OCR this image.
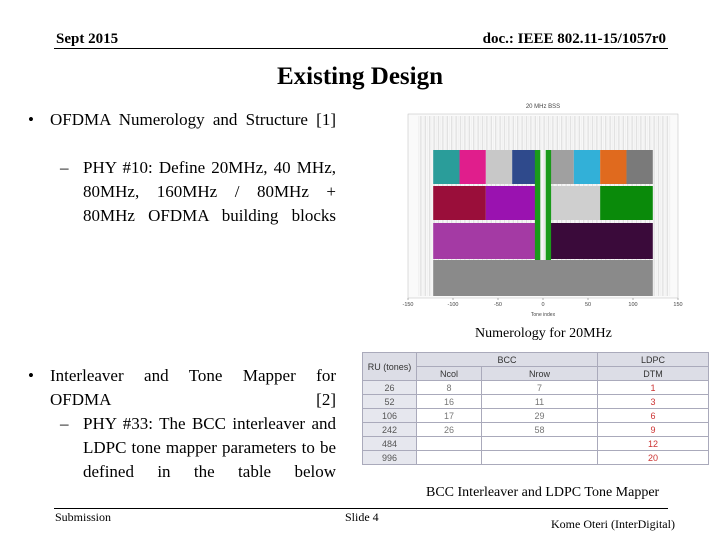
Sept 2015	doc.: IEEE 802.11-15/1057r0
Existing Design
• OFDMA Numerology and Structure [1]
– PHY #10: Define 20MHz, 40 MHz, 80MHz, 160MHz / 80MHz + 80MHz OFDMA building blocks
20 MHz BSS
-150	-100	-50	0	50	100	150
Tone index
Numerology for 20MHz
• Interleaver and Tone Mapper for OFDMA [2]
– PHY #33: The BCC interleaver and LDPC tone mapper parameters to be defined in the table below
RU (tones)	BCC		LDPC
	Ncol	Nrow	DTM
26	8	7	1
52	16	11	3
106	17	29	6
242	26	58	9
484			12
996			20
BCC Interleaver and LDPC Tone Mapper
Submission	Slide 4	Kome Oteri (InterDigital)
